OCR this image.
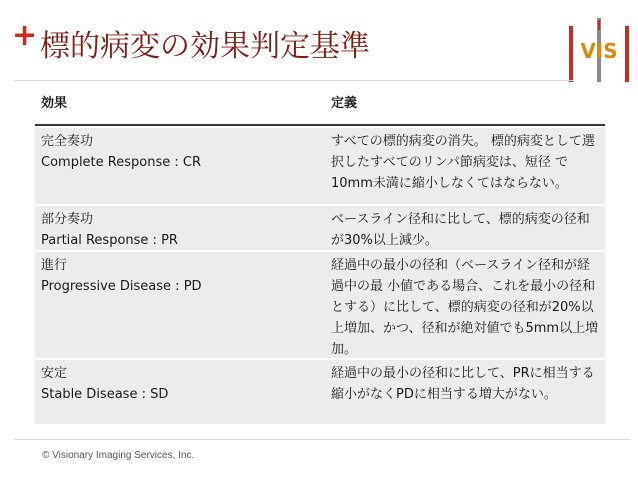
+ 標的病変の効果判定基準	VIS
効果	定義
完全奏功
Complete Response : CR
すべての標的病変の消失。 標的病変として選択したすべてのリンパ節病変は、短径 で10mm未満に縮小しなくてはならない。
部分奏功
Partial Response : PR
ベースライン径和に比して、標的病変の径和が30%以上減少。
進行
Progressive Disease : PD
経過中の最小の径和（ベースライン径和が経過中の最 小値である場合、これを最小の径和とする）に比して、標的病変の径和が20%以上増加、かつ、径和が絶対値でも5mm以上増加。
安定
Stable Disease : SD
経過中の最小の径和に比して、PRに相当する縮小がなくPDに相当する増大がない。
© Visionary Imaging Services, Inc.
